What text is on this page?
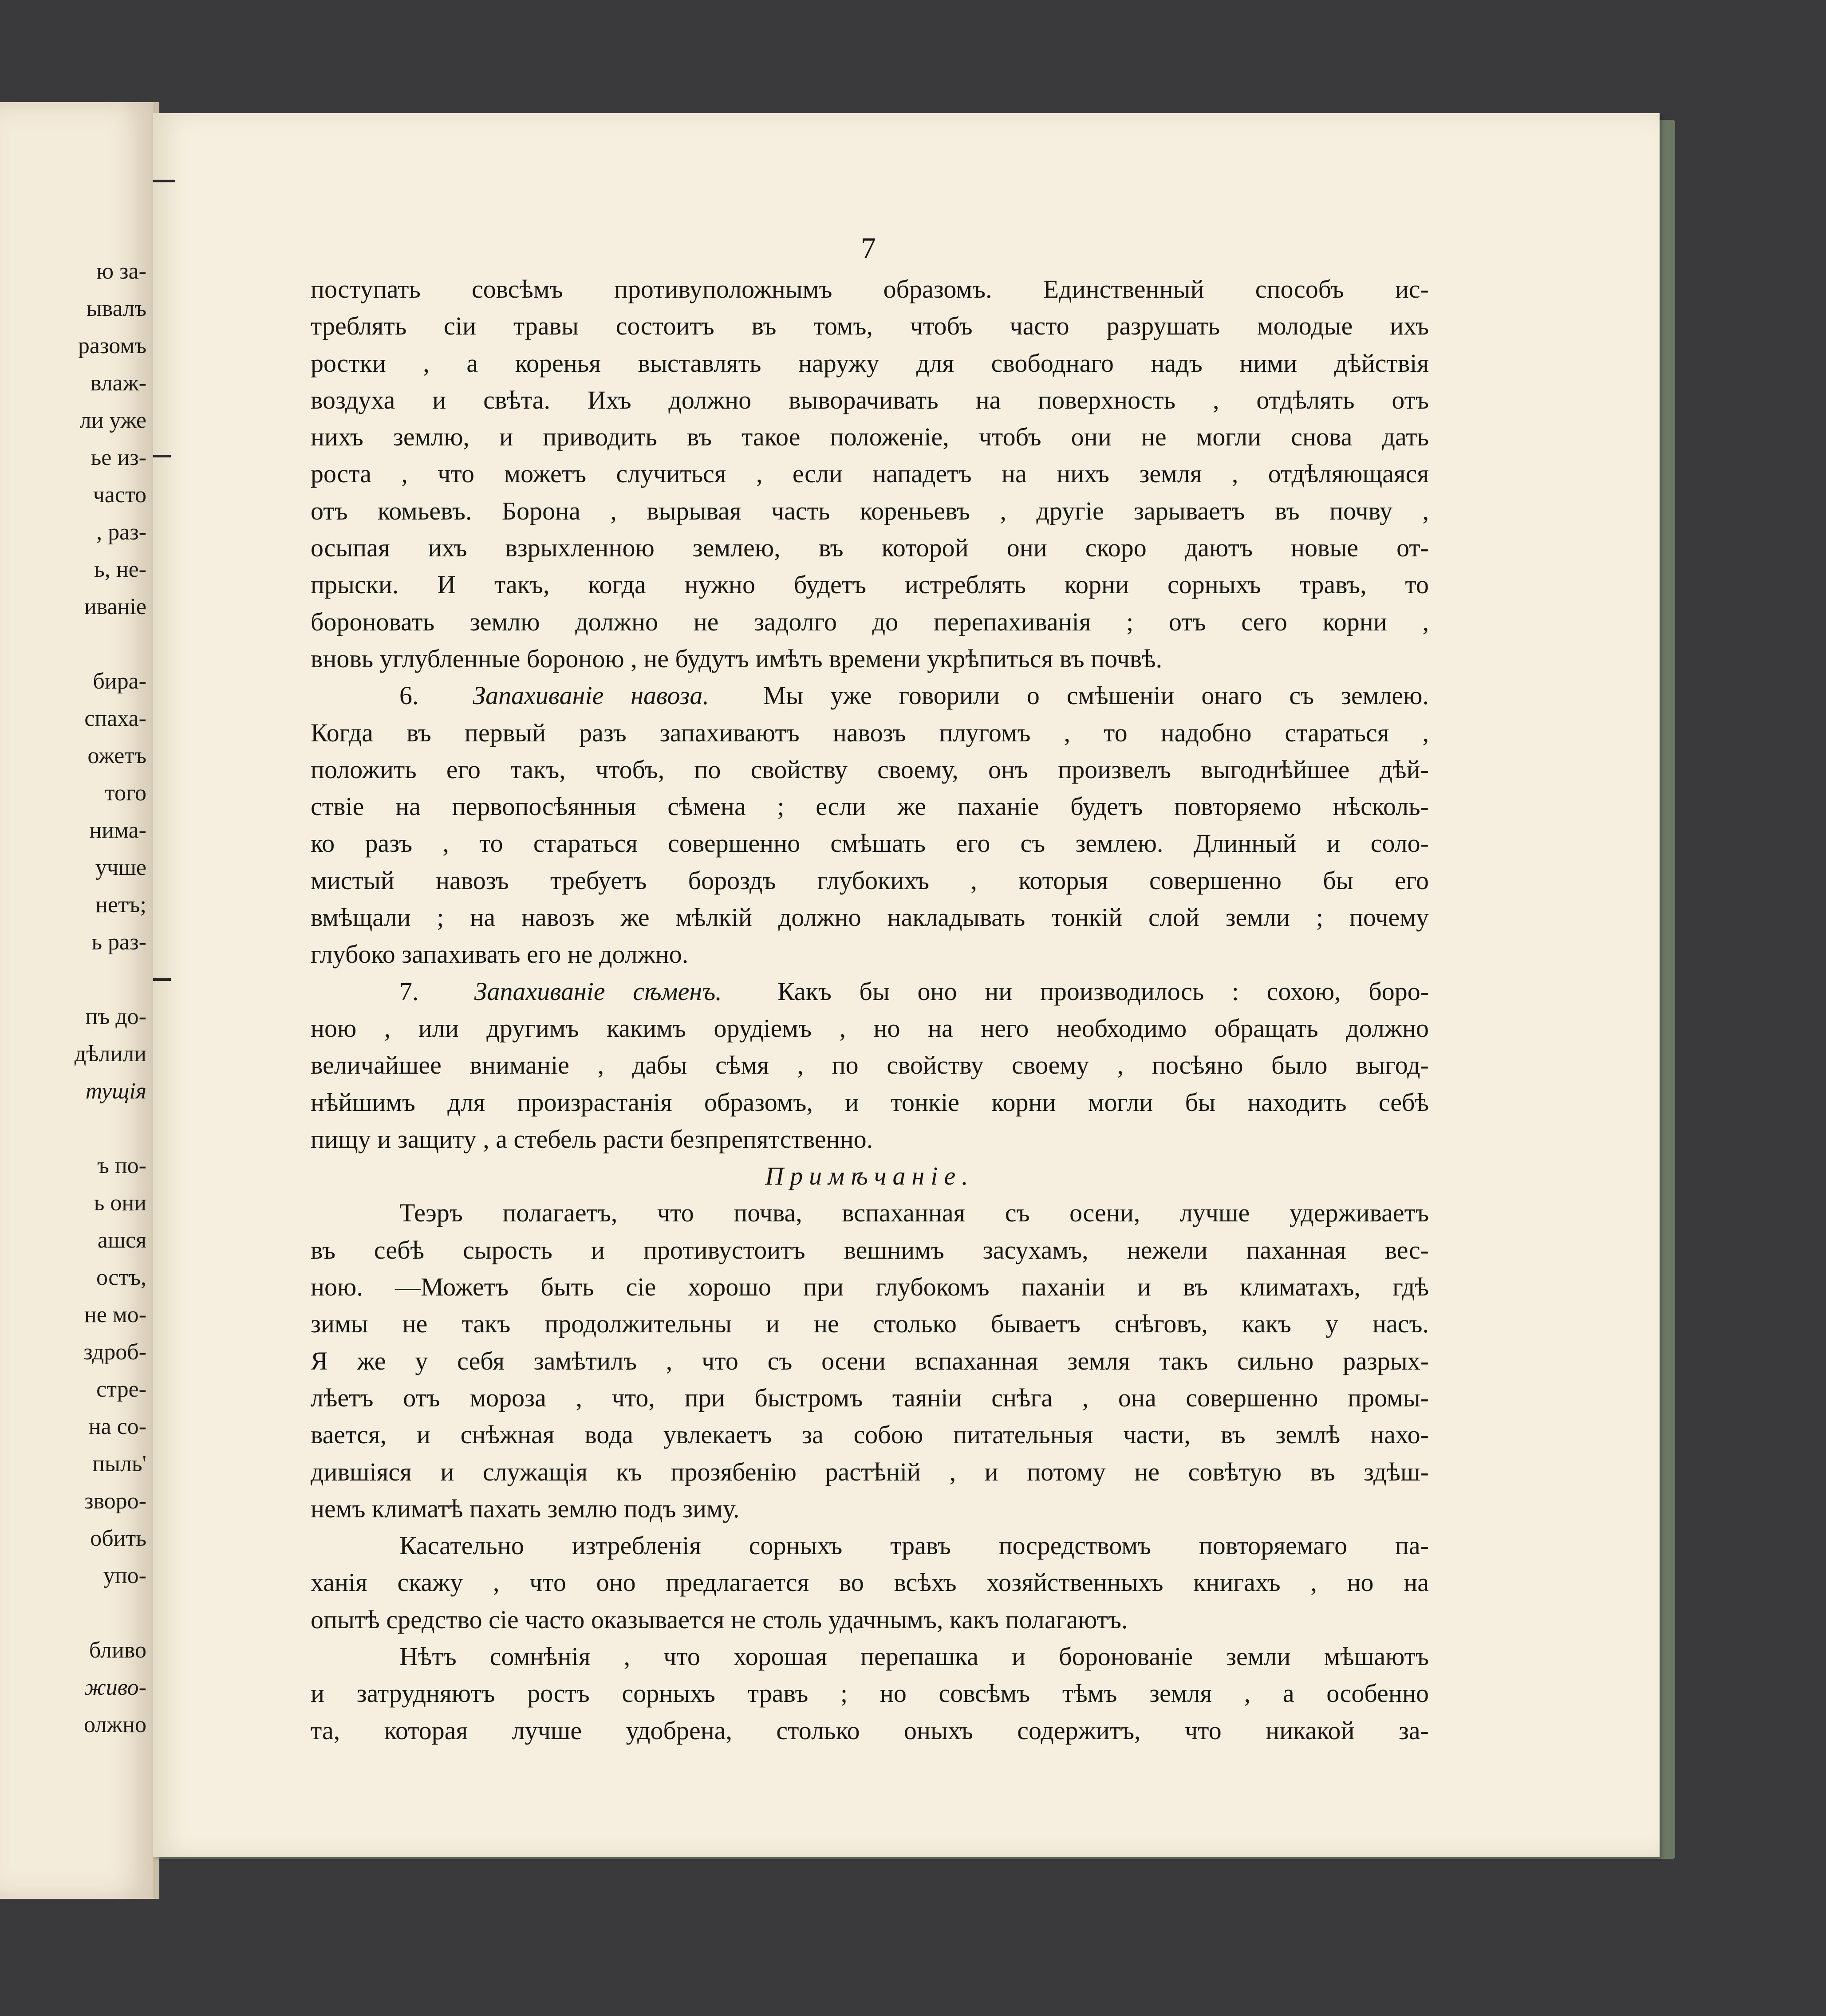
ю за-
ывалъ
разомъ
влаж-
ли уже
ье из-
часто
, раз-
ь, не-
иваніе
бира-
спаха-
ожетъ
того
нима-
учше
нетъ;
ь раз-
пъ до-
дѣлили
тущія
ъ по-
ь они
ашся
остъ,
не мо-
здроб-
стре-
на со-
пыль'
зворо-
обить
упо-
бливо
живо-
олжно
7

поступать совсѣмъ противуположнымъ образомъ. Единственный способъ ис-
треблять сіи травы состоитъ въ томъ, чтобъ часто разрушать молодые ихъ
ростки , а коренья выставлять наружу для свободнаго надъ ними дѣйствія
воздуха и свѣта. Ихъ должно выворачивать на поверхность , отдѣлять отъ
нихъ землю, и приводить въ такое положеніе, чтобъ они не могли снова дать
роста , что можетъ случиться , если нападетъ на нихъ земля , отдѣляющаяся
отъ комьевъ. Борона , вырывая часть кореньевъ , другіе зарываетъ въ почву ,
осыпая ихъ взрыхленною землею, въ которой они скоро даютъ новые от-
прыски. И такъ, когда нужно будетъ истреблять корни сорныхъ травъ, то
бороновать землю должно не задолго до перепахиванія ; отъ сего корни ,
вновь углубленные бороною , не будутъ имѣть времени укрѣпиться въ почвѣ.

6. Запахиваніе навоза. Мы уже говорили о смѣшеніи онаго съ землею.
Когда въ первый разъ запахиваютъ навозъ плугомъ , то надобно стараться ,
положить его такъ, чтобъ, по свойству своему, онъ произвелъ выгоднѣйшее дѣй-
ствіе на первопосѣянныя сѣмена ; если же паханіе будетъ повторяемо нѣсколь-
ко разъ , то стараться совершенно смѣшать его съ землею. Длинный и соло-
мистый навозъ требуетъ бороздъ глубокихъ , которыя совершенно бы его
вмѣщали ; на навозъ же мѣлкій должно накладывать тонкій слой земли ; почему
глубоко запахивать его не должно.

7. Запахиваніе сѣменъ. Какъ бы оно ни производилось : сохою, боро-
ною , или другимъ какимъ орудіемъ , но на него необходимо обращать должно
величайшее вниманіе , дабы сѣмя , по свойству своему , посѣяно было выгод-
нѣйшимъ для произрастанія образомъ, и тонкіе корни могли бы находить себѣ
пищу и защиту , а стебель расти безпрепятственно.

Примѣчаніе.

Теэръ полагаетъ, что почва, вспаханная съ осени, лучше удерживаетъ
въ себѣ сырость и противустоитъ вешнимъ засухамъ, нежели паханная вес-
ною. —Можетъ быть сіе хорошо при глубокомъ паханіи и въ климатахъ, гдѣ
зимы не такъ продолжительны и не столько бываетъ снѣговъ, какъ у насъ.
Я же у себя замѣтилъ , что съ осени вспаханная земля такъ сильно разрых-
лѣетъ отъ мороза , что, при быстромъ таяніи снѣга , она совершенно промы-
вается, и снѣжная вода увлекаетъ за собою питательныя части, въ землѣ нахо-
дившіяся и служащія къ прозябенію растѣній , и потому не совѣтую въ здѣш-
немъ климатѣ пахать землю подъ зиму.

Касательно изтребленія сорныхъ травъ посредствомъ повторяемаго па-
ханія скажу , что оно предлагается во всѣхъ хозяйственныхъ книгахъ , но на
опытѣ средство сіе часто оказывается не столь удачнымъ, какъ полагаютъ.

Нѣтъ сомнѣнія , что хорошая перепашка и боронованіе земли мѣшаютъ
и затрудняютъ ростъ сорныхъ травъ ; но совсѣмъ тѣмъ земля , а особенно
та, которая лучше удобрена, столько оныхъ содержитъ, что никакой за-
